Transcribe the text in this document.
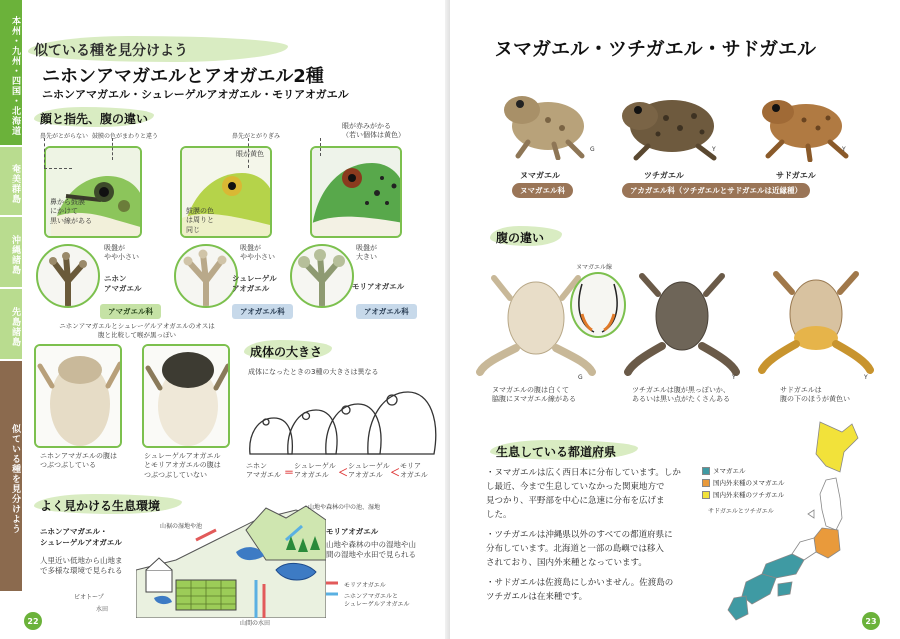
本州・九州・四国・北海道
奄美群島
沖縄諸島
先島諸島
似ている種を見分けよう
似ている種を見分けよう
ニホンアマガエルとアオガエル2種
ニホンアマガエル・シュレーゲルアオガエル・モリアオガエル
顔と指先、腹の違い
鼻先がとがらない 鼓膜の色がまわりと違う	鼻先がとがりぎみ
眼が赤みがかる
（若い個体は黄色）
鼻から鼓膜
にかけて
黒い線がある
眼が黄色
鼓膜の色
は周りと
同じ
吸盤が
やや小さい
ニホン
アマガエル
アマガエル科
吸盤が
やや小さい
シュレーゲル
アオガエル
アオガエル科
吸盤が
大きい
モリアオガエル
アオガエル科
ニホンアマガエルとシュレーゲルアオガエルのオスは
腹と比較して喉が黒っぽい
ニホンアマガエルの腹は
つぶつぶしている
シュレーゲルアオガエル
とモリアオガエルの腹は
つぶつぶしていない
成体の大きさ
成体になったときの3種の大きさは異なる
ニホン
アマガエル ＝
シュレーゲル
アオガエル ＜
シュレーゲル
アオガエル ＜
モリア
オガエル
よく見かける生息環境
ニホンアマガエル・
シュレーゲルアオガエル
人里近い低地から山地ま
で多様な環境で見られる
モリアオガエル
山地や森林の中の湿地や山
間の湿地や水田で見られる
山地や森林の中の池、湿地
山裾の湿地や池
ビオトープ
水田
山間の水田
モリアオガエル
ニホンアマガエルと
シュレーゲルアオガエル
22
ヌマガエル・ツチガエル・サドガエル
G	Y	Y
ヌマガエル	ツチガエル	サドガエル
ヌマガエル科	アカガエル科（ツチガエルとサドガエルは近縁種）
腹の違い
ヌマガエル線
G	Y	Y
ヌマガエルの腹は白くて
脇腹にヌマガエル線がある
ツチガエルは腹が黒っぽいか、
あるいは黒い点がたくさんある
サドガエルは
腹の下のほうが黄色い
生息している都道府県
・ヌマガエルは広く西日本に分布しています。しか
し最近、今まで生息していなかった関東地方で
見つかり、平野部を中心に急速に分布を広げま
した。
・ツチガエルは沖縄県以外のすべての都道府県に
分布しています。北海道と一部の島嶼では移入
されており、国内外来種となっています。
・サドガエルは佐渡島にしかいません。佐渡島の
ツチガエルは在来種です。
ヌマガエル
国内外来種のヌマガエル
国内外来種のツチガエル
サドガエルとツチガエル
23
